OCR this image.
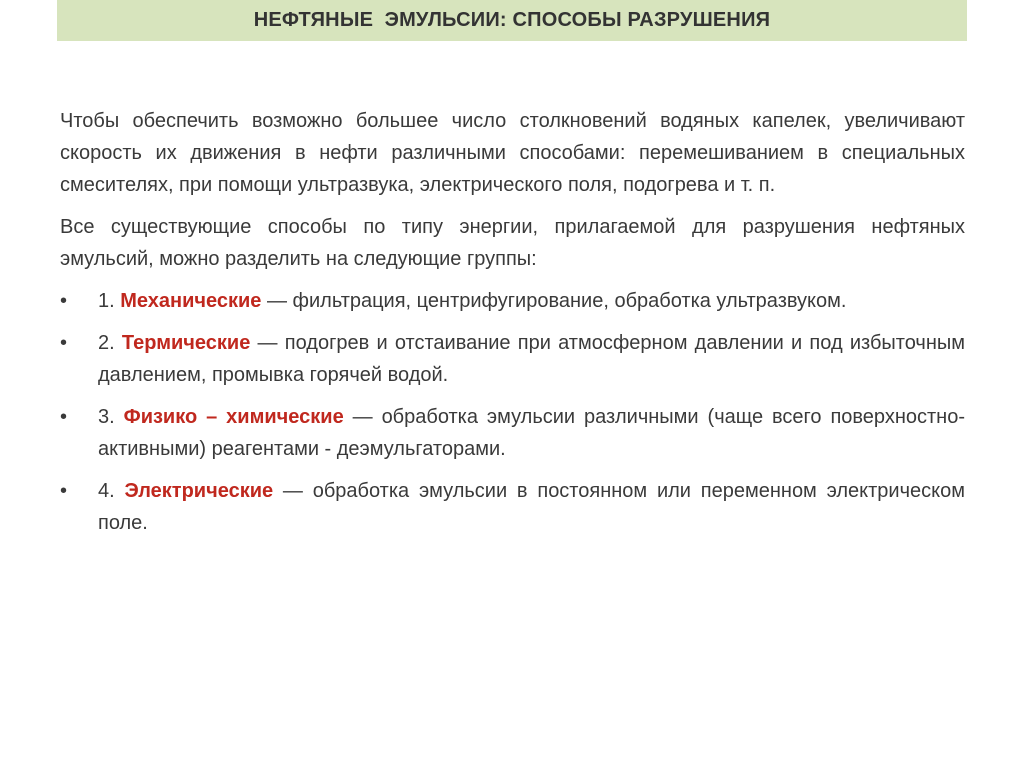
НЕФТЯНЫЕ  ЭМУЛЬСИИ: СПОСОБЫ РАЗРУШЕНИЯ

Чтобы обеспечить возможно большее число столкновений водяных капелек, увеличивают скорость их движения в нефти различными способами: перемешиванием в специальных смесителях, при помощи ультразвука, электрического поля, подогрева и т. п.

Все существующие способы по типу энергии, прилагаемой для разрушения нефтяных эмульсий, можно разделить на следующие группы:

•	1. Механические — фильтрация, центрифугирование, обработка ультразвуком.
•	2. Термические — подогрев и отстаивание при атмосферном давлении и под избыточным давлением, промывка горячей водой.
•	3. Физико – химические — обработка эмульсии различными (чаще всего поверхностно-активными) реагентами - деэмульгаторами.
•	4. Электрические — обработка эмульсии в постоянном или переменном электрическом поле.
